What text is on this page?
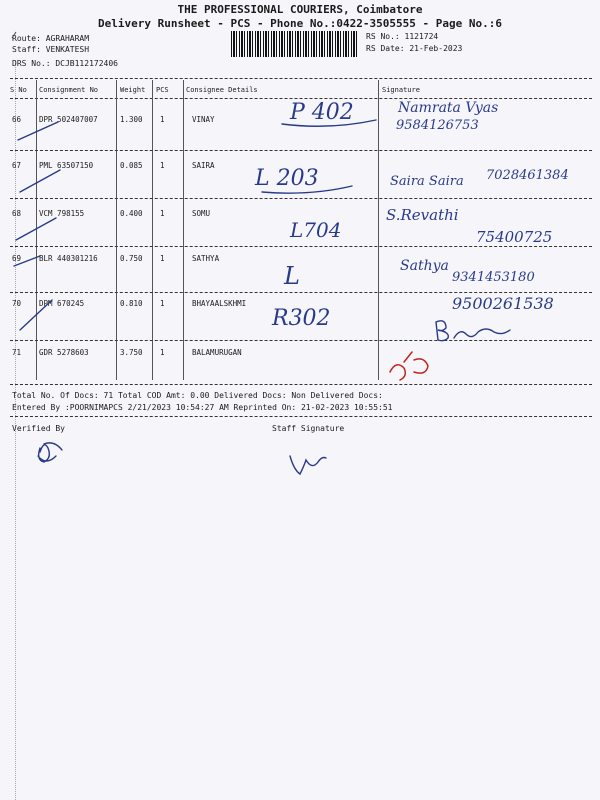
THE PROFESSIONAL COURIERS, Coimbatore
Delivery Runsheet - PCS - Phone No.:0422-3505555 - Page No.:6
Route: AGRAHARAM
Staff: VENKATESH
DRS No.: DCJB112172406
RS No.: 1121724
RS Date: 21-Feb-2023
S No Consignment No	Weight PCS Consignee Details	Signature
66 DPR 502407007	1.300 1	VINAY	P 402	Namrata Vyas
9584126753
67 PML 63507150	0.085 1	SAIRA
L 203	Saira Saira 7028461384
68 VCM 798155	0.400 1	SOMU
L704
S.Revathi
75400725
69 BLR 440301216	0.750 1	SATHYA
L	Sathya
9341453180
70 DPM 670245	0.810 1	BHAYAALSKHMI
R302
9500261538
71 GDR 5278603	3.750 1	BALAMURUGAN
Total No. Of Docs: 71 Total COD Amt: 0.00 Delivered Docs: Non Delivered Docs:
Entered By :POORNIMAPCS 2/21/2023 10:54:27 AM Reprinted On: 21-02-2023 10:55:51
Verified By	Staff Signature
